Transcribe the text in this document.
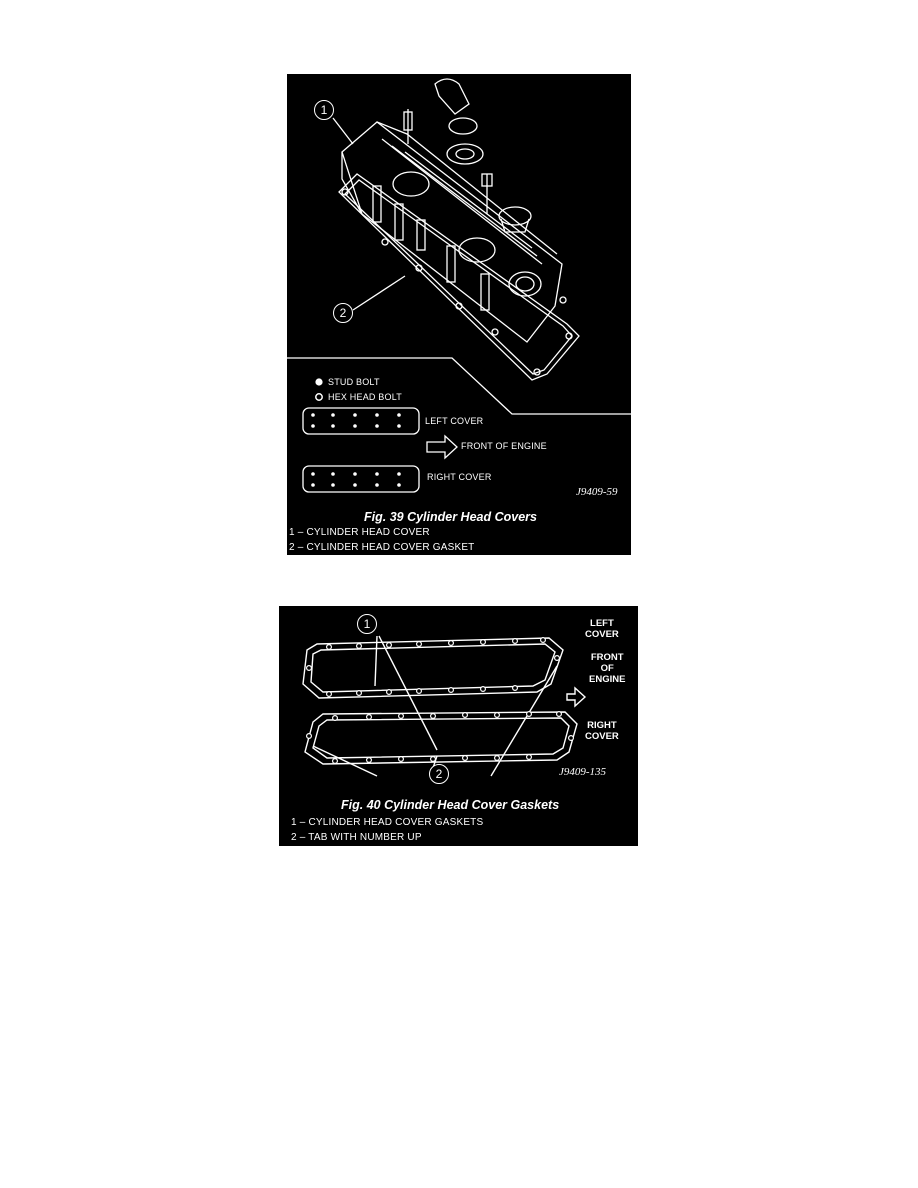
1
2
STUD BOLT
HEX HEAD BOLT
LEFT COVER
FRONT OF ENGINE
RIGHT COVER
J9409-59
Fig. 39 Cylinder Head Covers
1 – CYLINDER HEAD COVER
2 – CYLINDER HEAD COVER GASKET
1
2
LEFT
COVER
FRONT
OF
ENGINE
RIGHT
COVER
J9409-135
Fig. 40 Cylinder Head Cover Gaskets
1 – CYLINDER HEAD COVER GASKETS
2 – TAB WITH NUMBER UP
